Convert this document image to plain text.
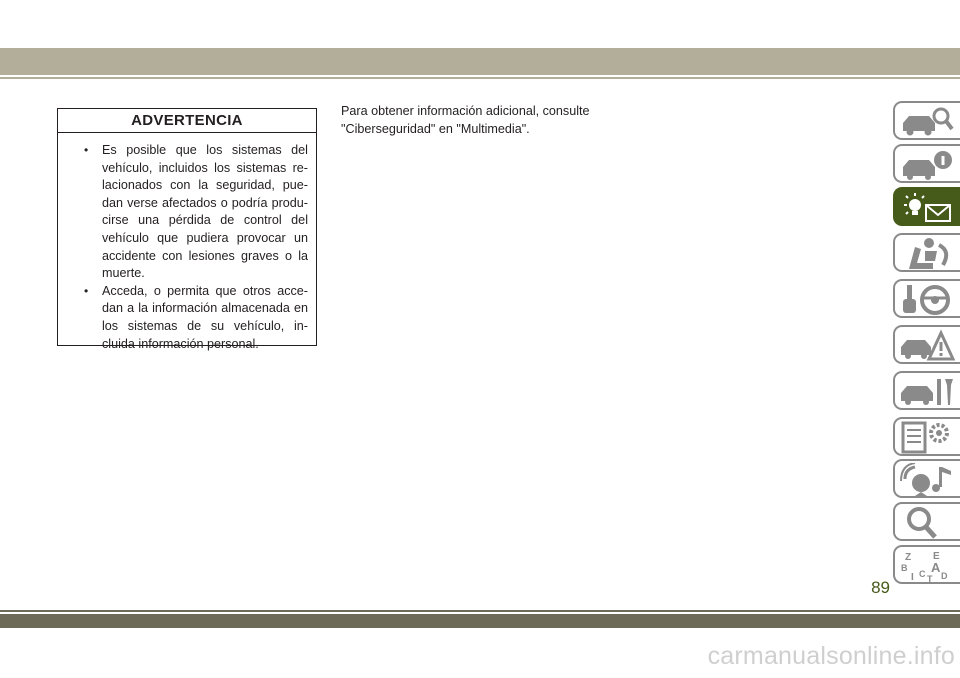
ADVERTENCIA
• Es posible que los sistemas del vehículo, incluidos los sistemas re-lacionados con la seguridad, pue-dan verse afectados o podría produ-cirse una pérdida de control del vehículo que pudiera provocar un accidente con lesiones graves o la muerte.
• Acceda, o permita que otros acce-dan a la información almacenada en los sistemas de su vehículo, in-cluida información personal.
Para obtener información adicional, consulte "Ciberseguridad" en "Multimedia".
Z E
B A
I C D
T
89
carmanualsonline.info
